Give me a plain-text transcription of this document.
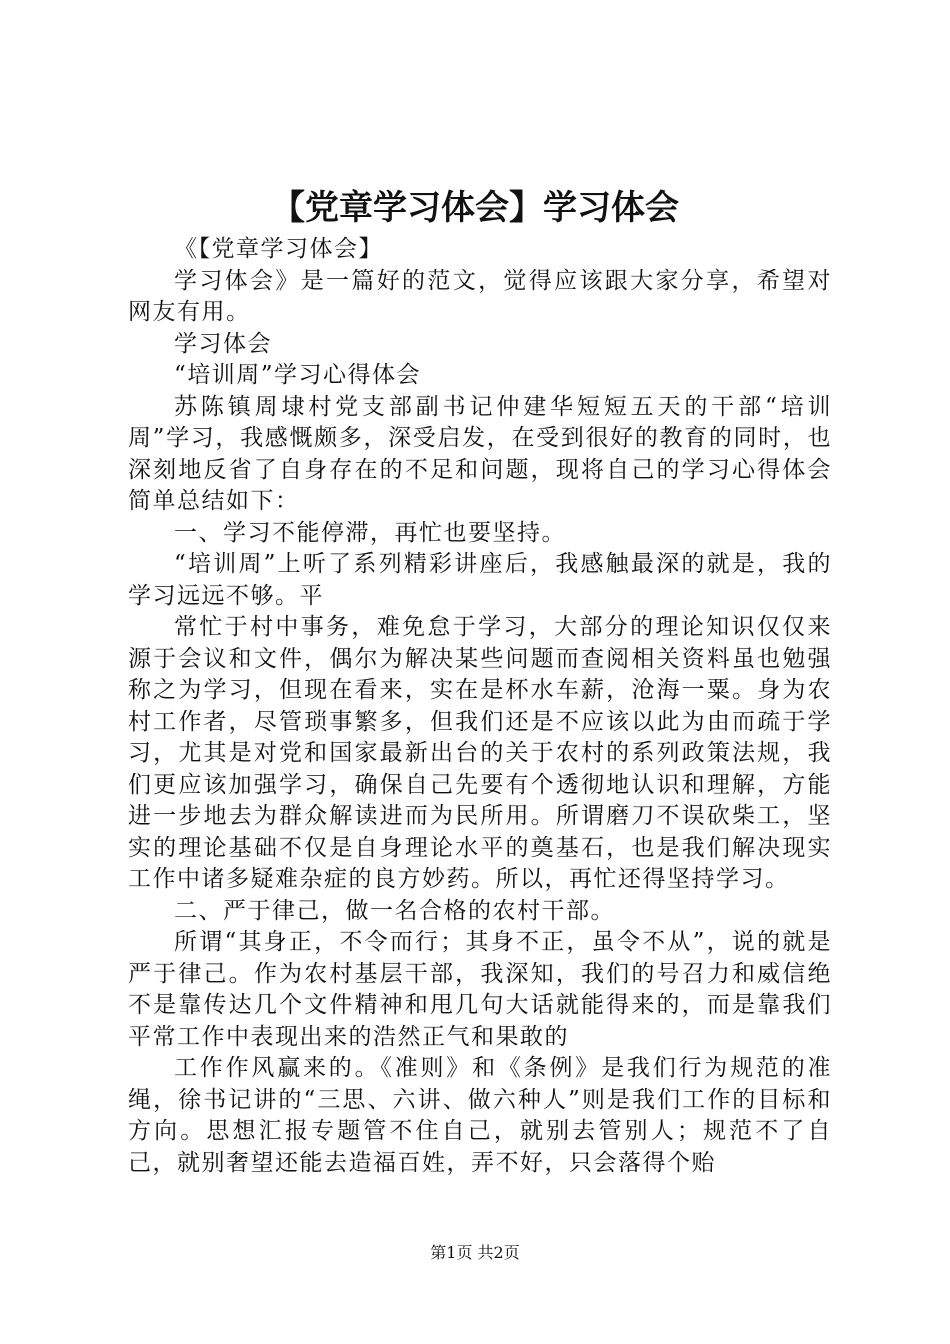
【党章学习体会】学习体会

《【党章学习体会】

学习体会》是一篇好的范文，觉得应该跟大家分享，希望对网友有用。

学习体会

“培训周”学习心得体会

苏陈镇周埭村党支部副书记仲建华短短五天的干部“培训周”学习，我感慨颇多，深受启发，在受到很好的教育的同时，也深刻地反省了自身存在的不足和问题，现将自己的学习心得体会简单总结如下：

一、学习不能停滞，再忙也要坚持。

“培训周”上听了系列精彩讲座后，我感触最深的就是，我的学习远远不够。平

常忙于村中事务，难免怠于学习，大部分的理论知识仅仅来源于会议和文件，偶尔为解决某些问题而查阅相关资料虽也勉强称之为学习，但现在看来，实在是杯水车薪，沧海一粟。身为农村工作者，尽管琐事繁多，但我们还是不应该以此为由而疏于学习，尤其是对党和国家最新出台的关于农村的系列政策法规，我们更应该加强学习，确保自己先要有个透彻地认识和理解，方能进一步地去为群众解读进而为民所用。所谓磨刀不误砍柴工，坚实的理论基础不仅是自身理论水平的奠基石，也是我们解决现实工作中诸多疑难杂症的良方妙药。所以，再忙还得坚持学习。

二、严于律己，做一名合格的农村干部。

所谓“其身正，不令而行；其身不正，虽令不从”，说的就是严于律己。作为农村基层干部，我深知，我们的号召力和威信绝不是靠传达几个文件精神和甩几句大话就能得来的，而是靠我们平常工作中表现出来的浩然正气和果敢的

工作作风赢来的。《准则》和《条例》是我们行为规范的准绳，徐书记讲的“三思、六讲、做六种人”则是我们工作的目标和方向。思想汇报专题管不住自己，就别去管别人；规范不了自己，就别奢望还能去造福百姓，弄不好，只会落得个贻

第1页 共2页
